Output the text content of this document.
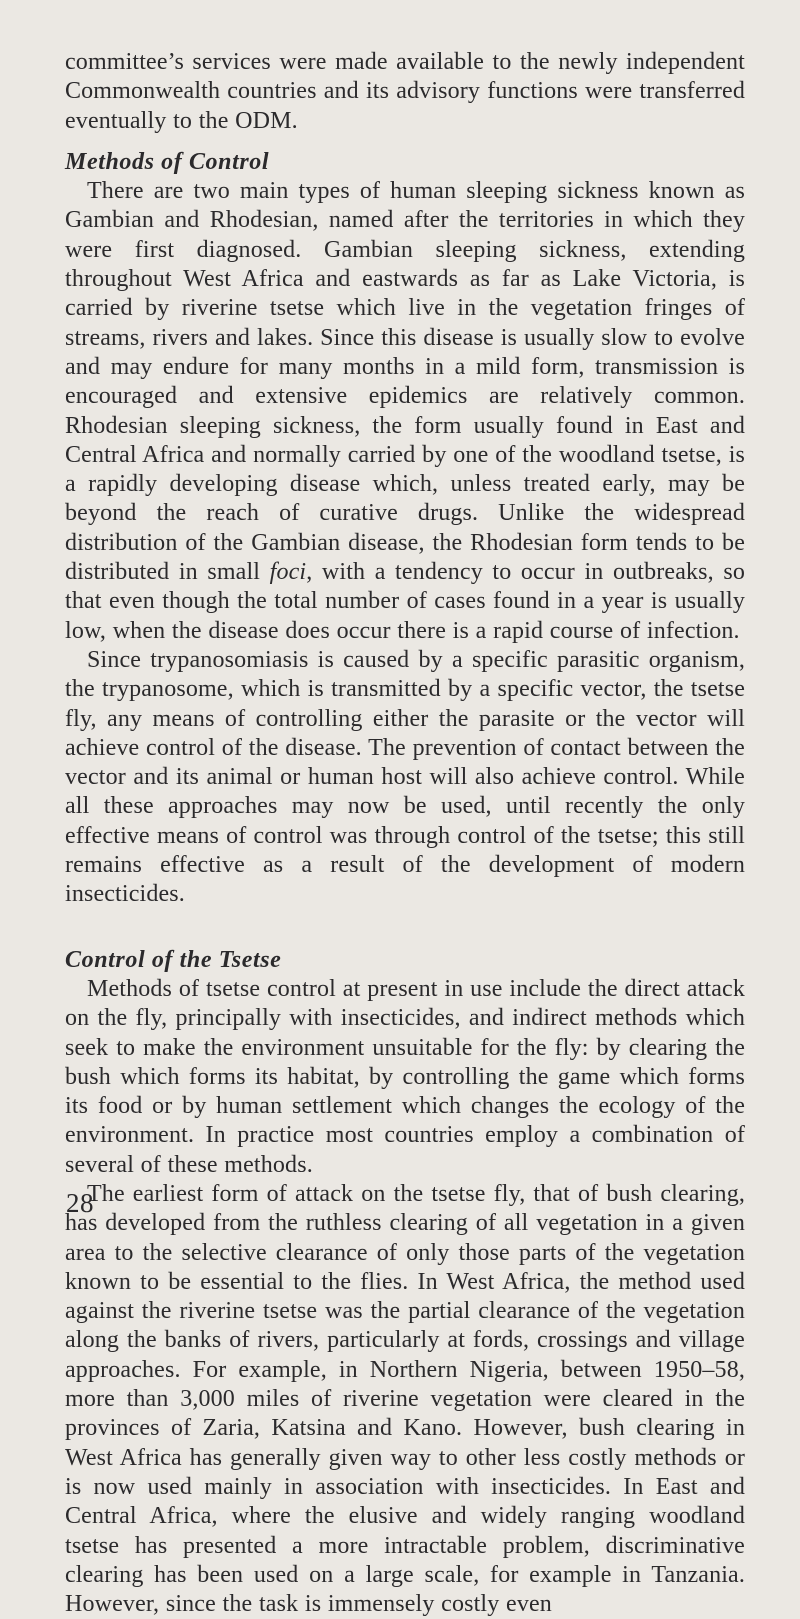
committee’s services were made available to the newly independent Commonwealth countries and its advisory functions were transferred eventually to the ODM.

Methods of Control

There are two main types of human sleeping sickness known as Gambian and Rhodesian, named after the territories in which they were first diagnosed. Gambian sleeping sickness, extending throughout West Africa and eastwards as far as Lake Victoria, is carried by riverine tsetse which live in the vegetation fringes of streams, rivers and lakes. Since this disease is usually slow to evolve and may endure for many months in a mild form, transmission is encouraged and extensive epidemics are relatively common. Rhodesian sleeping sickness, the form usually found in East and Central Africa and normally carried by one of the woodland tsetse, is a rapidly developing disease which, unless treated early, may be beyond the reach of curative drugs. Unlike the widespread distribution of the Gambian disease, the Rhodesian form tends to be distributed in small foci, with a tendency to occur in outbreaks, so that even though the total number of cases found in a year is usually low, when the disease does occur there is a rapid course of infection.

Since trypanosomiasis is caused by a specific parasitic organism, the trypanosome, which is transmitted by a specific vector, the tsetse fly, any means of controlling either the parasite or the vector will achieve control of the disease. The prevention of contact between the vector and its animal or human host will also achieve control. While all these approaches may now be used, until recently the only effective means of control was through control of the tsetse; this still remains effective as a result of the development of modern insecticides.

Control of the Tsetse

Methods of tsetse control at present in use include the direct attack on the fly, principally with insecticides, and indirect methods which seek to make the environment unsuitable for the fly: by clearing the bush which forms its habitat, by controlling the game which forms its food or by human settlement which changes the ecology of the environment. In practice most countries employ a combination of several of these methods.

The earliest form of attack on the tsetse fly, that of bush clearing, has developed from the ruthless clearing of all vegetation in a given area to the selective clearance of only those parts of the vegetation known to be essential to the flies. In West Africa, the method used against the riverine tsetse was the partial clearance of the vegetation along the banks of rivers, particularly at fords, crossings and village approaches. For example, in Northern Nigeria, between 1950–58, more than 3,000 miles of riverine vegetation were cleared in the provinces of Zaria, Katsina and Kano. However, bush clearing in West Africa has generally given way to other less costly methods or is now used mainly in association with insecticides. In East and Central Africa, where the elusive and widely ranging woodland tsetse has presented a more intractable problem, discriminative clearing has been used on a large scale, for example in Tanzania. However, since the task is immensely costly even

28
